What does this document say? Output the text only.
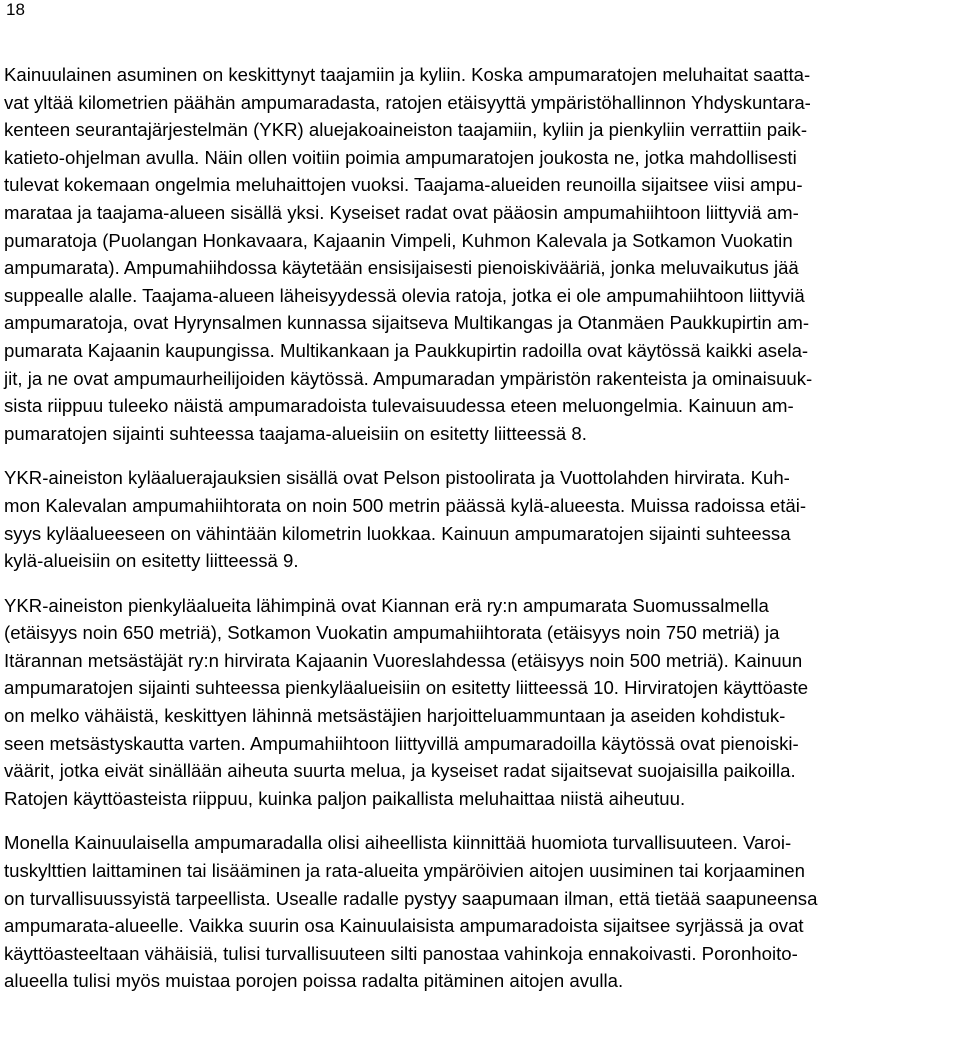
18

Kainuulainen asuminen on keskittynyt taajamiin ja kyliin. Koska ampumaratojen meluhaitat saatta-
vat yltää kilometrien päähän ampumaradasta, ratojen etäisyyttä ympäristöhallinnon Yhdyskuntara-
kenteen seurantajärjestelmän (YKR) aluejakoaineiston taajamiin, kyliin ja pienkyliin verrattiin paik-
katieto-ohjelman avulla. Näin ollen voitiin poimia ampumaratojen joukosta ne, jotka mahdollisesti
tulevat kokemaan ongelmia meluhaittojen vuoksi. Taajama-alueiden reunoilla sijaitsee viisi ampu-
marataa ja taajama-alueen sisällä yksi. Kyseiset radat ovat pääosin ampumahiihtoon liittyviä am-
pumaratoja (Puolangan Honkavaara, Kajaanin Vimpeli, Kuhmon Kalevala ja Sotkamon Vuokatin
ampumarata). Ampumahiihdossa käytetään ensisijaisesti pienoiskivääriä, jonka meluvaikutus jää
suppealle alalle. Taajama-alueen läheisyydessä olevia ratoja, jotka ei ole ampumahiihtoon liittyviä
ampumaratoja, ovat Hyrynsalmen kunnassa sijaitseva Multikangas ja Otanmäen Paukkupirtin am-
pumarata Kajaanin kaupungissa. Multikankaan ja Paukkupirtin radoilla ovat käytössä kaikki asela-
jit, ja ne ovat ampumaurheilijoiden käytössä. Ampumaradan ympäristön rakenteista ja ominaisuuk-
sista riippuu tuleeko näistä ampumaradoista tulevaisuudessa eteen meluongelmia. Kainuun am-
pumaratojen sijainti suhteessa taajama-alueisiin on esitetty liitteessä 8.

YKR-aineiston kyläaluerajauksien sisällä ovat Pelson pistoolirata ja Vuottolahden hirvirata. Kuh-
mon Kalevalan ampumahiihtorata on noin 500 metrin päässä kylä-alueesta. Muissa radoissa etäi-
syys kyläalueeseen on vähintään kilometrin luokkaa. Kainuun ampumaratojen sijainti suhteessa
kylä-alueisiin on esitetty liitteessä 9.

YKR-aineiston pienkyläalueita lähimpinä ovat Kiannan erä ry:n ampumarata Suomussalmella
(etäisyys noin 650 metriä), Sotkamon Vuokatin ampumahiihtorata (etäisyys noin 750 metriä) ja
Itärannan metsästäjät ry:n hirvirata Kajaanin Vuoreslahdessa (etäisyys noin 500 metriä). Kainuun
ampumaratojen sijainti suhteessa pienkyläalueisiin on esitetty liitteessä 10. Hirviratojen käyttöaste
on melko vähäistä, keskittyen lähinnä metsästäjien harjoitteluammuntaan ja aseiden kohdistuk-
seen metsästyskautta varten. Ampumahiihtoon liittyvillä ampumaradoilla käytössä ovat pienoiski-
väärit, jotka eivät sinällään aiheuta suurta melua, ja kyseiset radat sijaitsevat suojaisilla paikoilla.
Ratojen käyttöasteista riippuu, kuinka paljon paikallista meluhaittaa niistä aiheutuu.

Monella Kainuulaisella ampumaradalla olisi aiheellista kiinnittää huomiota turvallisuuteen. Varoi-
tuskylttien laittaminen tai lisääminen ja rata-alueita ympäröivien aitojen uusiminen tai korjaaminen
on turvallisuussyistä tarpeellista. Usealle radalle pystyy saapumaan ilman, että tietää saapuneensa
ampumarata-alueelle. Vaikka suurin osa Kainuulaisista ampumaradoista sijaitsee syrjässä ja ovat
käyttöasteeltaan vähäisiä, tulisi turvallisuuteen silti panostaa vahinkoja ennakoivasti. Poronhoito-
alueella tulisi myös muistaa porojen poissa radalta pitäminen aitojen avulla.
